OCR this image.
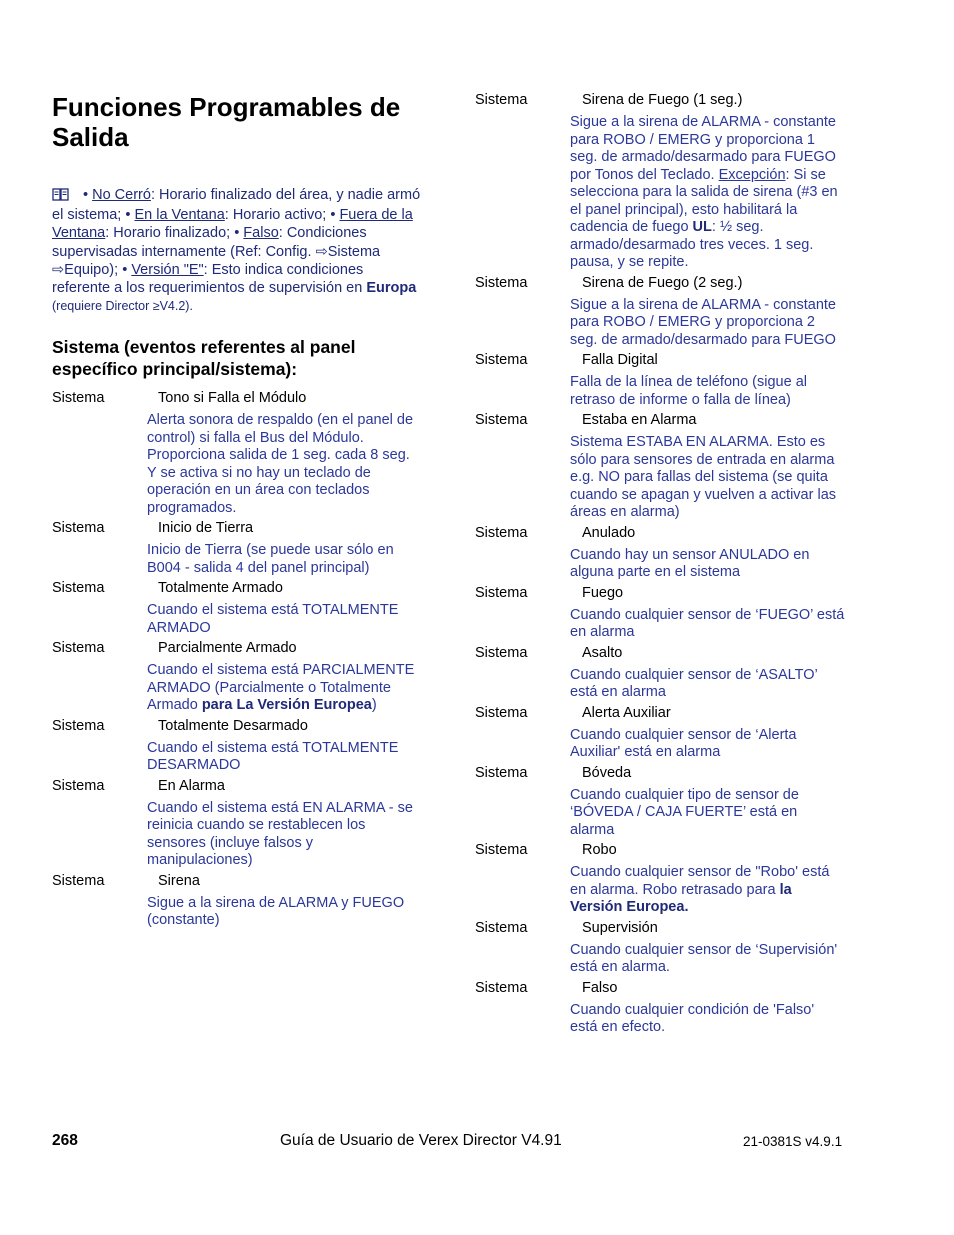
Funciones Programables de Salida
• No Cerró: Horario finalizado del área, y nadie armó el sistema; • En la Ventana: Horario activo; • Fuera de la Ventana: Horario finalizado; • Falso: Condiciones supervisadas internamente (Ref: Config. ⇨Sistema ⇨Equipo); • Versión "E": Esto indica condiciones referente a los requerimientos de supervisión en Europa (requiere Director ≥V4.2).
Sistema (eventos referentes al panel específico principal/sistema):
Sistema	Tono si Falla el Módulo
Alerta sonora de respaldo (en el panel de control) si falla el Bus del Módulo. Proporciona salida de 1 seg. cada 8 seg. Y se activa si no hay un teclado de operación en un área con teclados programados.
Sistema	Inicio de Tierra
Inicio de Tierra (se puede usar sólo en B004 - salida 4 del panel principal)
Sistema	Totalmente Armado
Cuando el sistema está TOTALMENTE ARMADO
Sistema	Parcialmente Armado
Cuando el sistema está PARCIALMENTE ARMADO (Parcialmente o Totalmente Armado para La Versión Europea)
Sistema	Totalmente Desarmado
Cuando el sistema está TOTALMENTE DESARMADO
Sistema	En Alarma
Cuando el sistema está EN ALARMA - se reinicia cuando se restablecen los sensores (incluye falsos y manipulaciones)
Sistema	Sirena
Sigue a la sirena de ALARMA y FUEGO (constante)
Sistema	Sirena de Fuego (1 seg.)
Sigue a la sirena de ALARMA - constante para ROBO / EMERG y proporciona 1 seg. de armado/desarmado para FUEGO por Tonos del Teclado. Excepción: Si se selecciona para la salida de sirena (#3 en el panel principal), esto habilitará la cadencia de fuego UL: ½ seg. armado/desarmado tres veces. 1 seg. pausa, y se repite.
Sistema	Sirena de Fuego (2 seg.)
Sigue a la sirena de ALARMA - constante para ROBO / EMERG y proporciona 2 seg. de armado/desarmado para FUEGO
Sistema	Falla Digital
Falla de la línea de teléfono (sigue al retraso de informe o falla de línea)
Sistema	Estaba en Alarma
Sistema ESTABA EN ALARMA. Esto es sólo para sensores de entrada en alarma e.g. NO para fallas del sistema (se quita cuando se apagan y vuelven a activar las áreas en alarma)
Sistema	Anulado
Cuando hay un sensor ANULADO en alguna parte en el sistema
Sistema	Fuego
Cuando cualquier sensor de ‘FUEGO’ está en alarma
Sistema	Asalto
Cuando cualquier sensor de ‘ASALTO’ está en alarma
Sistema	Alerta Auxiliar
Cuando cualquier sensor de ‘Alerta Auxiliar' está en alarma
Sistema	Bóveda
Cuando cualquier tipo de sensor de ‘BÓVEDA / CAJA FUERTE’ está en alarma
Sistema	Robo
Cuando cualquier sensor de "Robo' está en alarma. Robo retrasado para la Versión Europea.
Sistema	Supervisión
Cuando cualquier sensor de ‘Supervisión' está en alarma.
Sistema	Falso
Cuando cualquier condición de 'Falso' está en efecto.
268	Guía de Usuario de Verex Director V4.91	21-0381S v4.9.1
